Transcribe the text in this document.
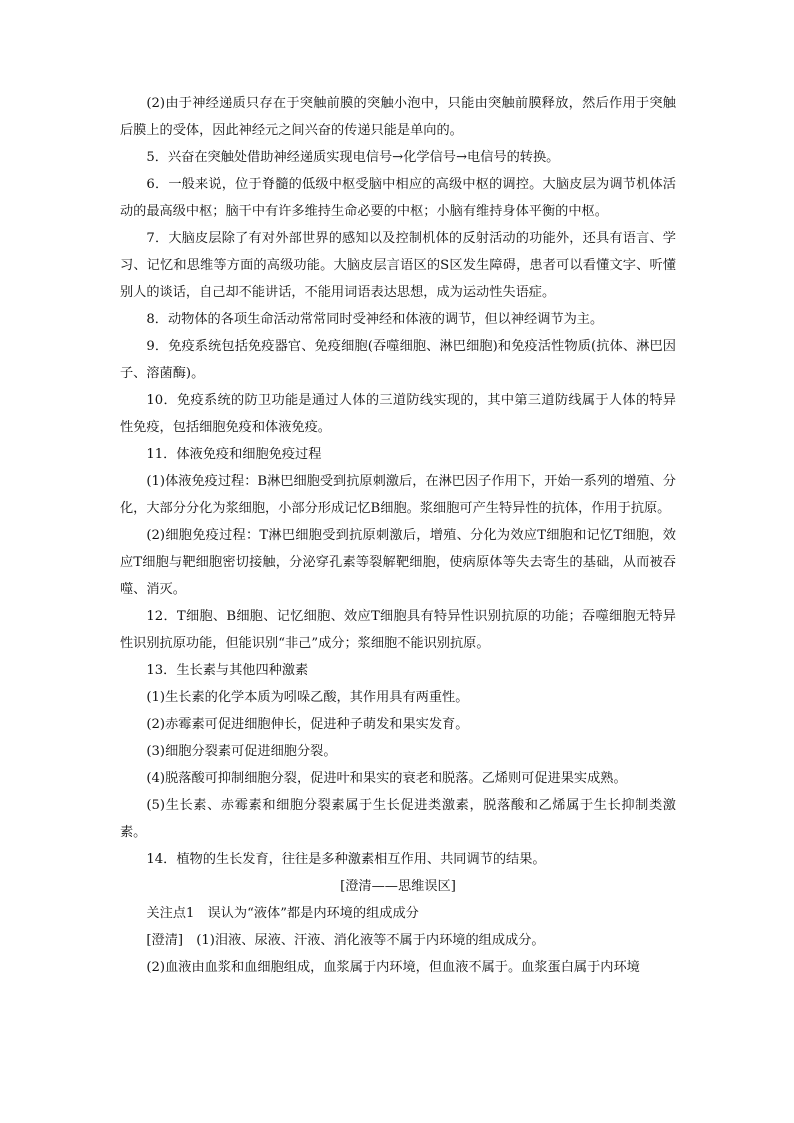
(2)由于神经递质只存在于突触前膜的突触小泡中，只能由突触前膜释放，然后作用于突触后膜上的受体，因此神经元之间兴奋的传递只能是单向的。

5．兴奋在突触处借助神经递质实现电信号→化学信号→电信号的转换。

6．一般来说，位于脊髓的低级中枢受脑中相应的高级中枢的调控。大脑皮层为调节机体活动的最高级中枢；脑干中有许多维持生命必要的中枢；小脑有维持身体平衡的中枢。

7．大脑皮层除了有对外部世界的感知以及控制机体的反射活动的功能外，还具有语言、学习、记忆和思维等方面的高级功能。大脑皮层言语区的S区发生障碍，患者可以看懂文字、听懂别人的谈话，自己却不能讲话，不能用词语表达思想，成为运动性失语症。

8．动物体的各项生命活动常常同时受神经和体液的调节，但以神经调节为主。

9．免疫系统包括免疫器官、免疫细胞(吞噬细胞、淋巴细胞)和免疫活性物质(抗体、淋巴因子、溶菌酶)。

10．免疫系统的防卫功能是通过人体的三道防线实现的，其中第三道防线属于人体的特异性免疫，包括细胞免疫和体液免疫。

11．体液免疫和细胞免疫过程

(1)体液免疫过程：B淋巴细胞受到抗原刺激后，在淋巴因子作用下，开始一系列的增殖、分化，大部分分化为浆细胞，小部分形成记忆B细胞。浆细胞可产生特异性的抗体，作用于抗原。

(2)细胞免疫过程：T淋巴细胞受到抗原刺激后，增殖、分化为效应T细胞和记忆T细胞，效应T细胞与靶细胞密切接触，分泌穿孔素等裂解靶细胞，使病原体等失去寄生的基础，从而被吞噬、消灭。

12．T细胞、B细胞、记忆细胞、效应T细胞具有特异性识别抗原的功能；吞噬细胞无特异性识别抗原功能，但能识别“非己”成分；浆细胞不能识别抗原。

13．生长素与其他四种激素

(1)生长素的化学本质为吲哚乙酸，其作用具有两重性。

(2)赤霉素可促进细胞伸长，促进种子萌发和果实发育。

(3)细胞分裂素可促进细胞分裂。

(4)脱落酸可抑制细胞分裂，促进叶和果实的衰老和脱落。乙烯则可促进果实成熟。

(5)生长素、赤霉素和细胞分裂素属于生长促进类激素，脱落酸和乙烯属于生长抑制类激素。

14．植物的生长发育，往往是多种激素相互作用、共同调节的结果。

[澄清——思维误区]

关注点1　误认为“液体”都是内环境的组成成分

[澄清]　(1)泪液、尿液、汗液、消化液等不属于内环境的组成成分。

(2)血液由血浆和血细胞组成，血浆属于内环境，但血液不属于。血浆蛋白属于内环境
